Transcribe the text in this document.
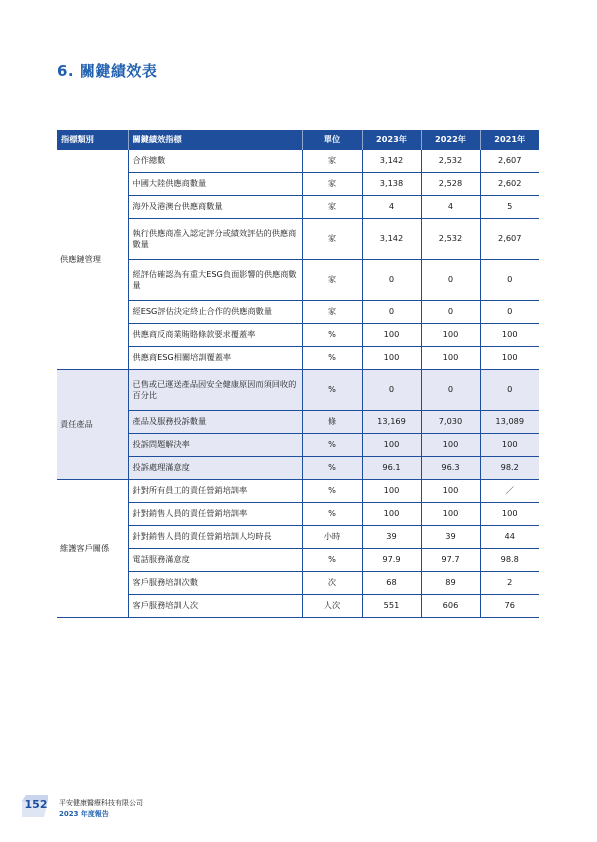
6. 關鍵績效表
指標類別	關鍵績效指標	單位	2023年	2022年	2021年
供應鏈管理	合作總數	家	3,142	2,532	2,607
	中國大陸供應商數量	家	3,138	2,528	2,602
	海外及港澳台供應商數量	家	4	4	5
	執行供應商准入認定評分或績效評估的供應商數量	家	3,142	2,532	2,607
	經評估確認為有重大ESG負面影響的供應商數量	家	0	0	0
	經ESG評估決定終止合作的供應商數量	家	0	0	0
	供應商反商業賄賂條款要求覆蓋率	%	100	100	100
	供應商ESG相關培訓覆蓋率	%	100	100	100
責任產品	已售或已運送產品因安全健康原因而須回收的百分比	%	0	0	0
	產品及服務投訴數量	條	13,169	7,030	13,089
	投訴問題解決率	%	100	100	100
	投訴處理滿意度	%	96.1	96.3	98.2
維護客戶關係	針對所有員工的責任營銷培訓率	%	100	100	／
	針對銷售人員的責任營銷培訓率	%	100	100	100
	針對銷售人員的責任營銷培訓人均時長	小時	39	39	44
	電話服務滿意度	%	97.9	97.7	98.8
	客戶服務培訓次數	次	68	89	2
	客戶服務培訓人次	人次	551	606	76
152	平安健康醫療科技有限公司
2023 年度報告
